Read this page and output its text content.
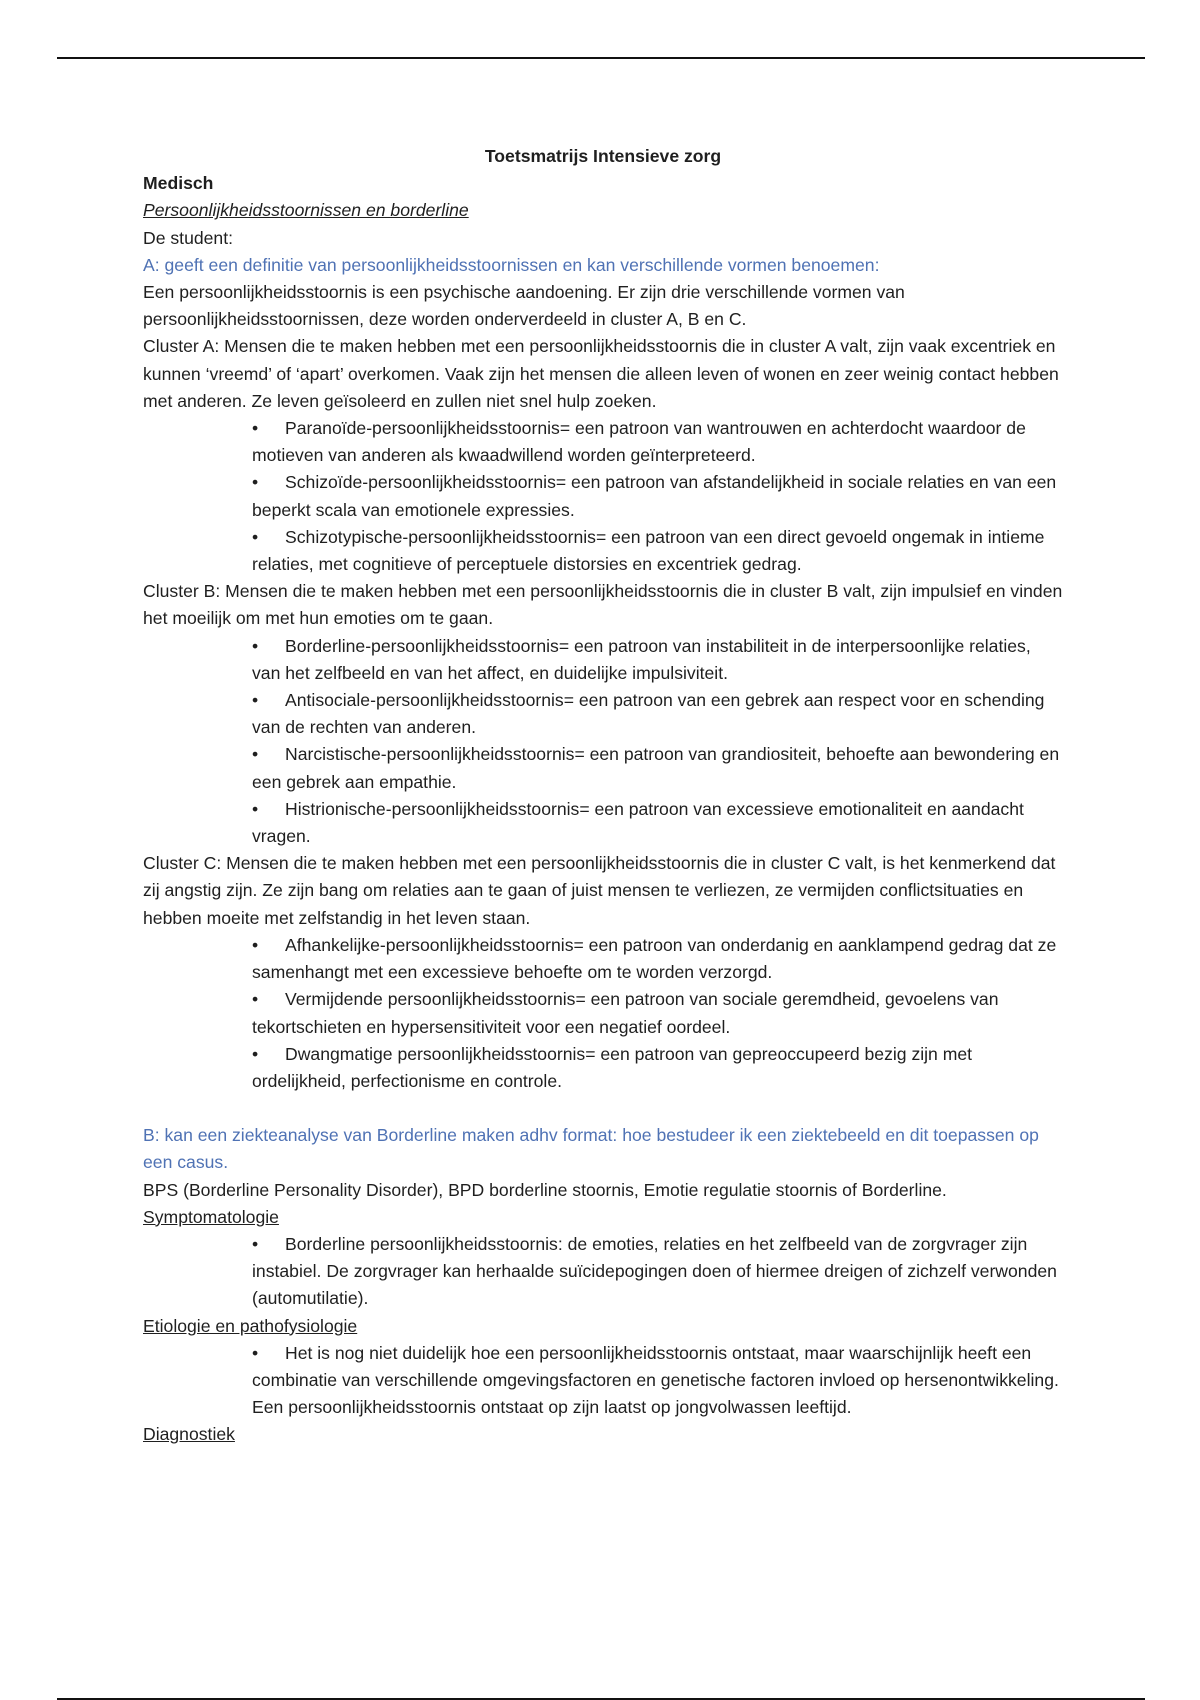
Toetsmatrijs Intensieve zorg

Medisch

Persoonlijkheidsstoornissen en borderline

De student:

A: geeft een definitie van persoonlijkheidsstoornissen en kan verschillende vormen benoemen:

Een persoonlijkheidsstoornis is een psychische aandoening. Er zijn drie verschillende vormen van persoonlijkheidsstoornissen, deze worden onderverdeeld in cluster A, B en C.

Cluster A: Mensen die te maken hebben met een persoonlijkheidsstoornis die in cluster A valt, zijn vaak excentriek en kunnen ‘vreemd’ of ‘apart’ overkomen. Vaak zijn het mensen die alleen leven of wonen en zeer weinig contact hebben met anderen. Ze leven geïsoleerd en zullen niet snel hulp zoeken.

•	Paranoïde-persoonlijkheidsstoornis= een patroon van wantrouwen en achterdocht waardoor de motieven van anderen als kwaadwillend worden geïnterpreteerd.
•	Schizoïde-persoonlijkheidsstoornis= een patroon van afstandelijkheid in sociale relaties en van een beperkt scala van emotionele expressies.
•	Schizotypische-persoonlijkheidsstoornis= een patroon van een direct gevoeld ongemak in intieme relaties, met cognitieve of perceptuele distorsies en excentriek gedrag.

Cluster B: Mensen die te maken hebben met een persoonlijkheidsstoornis die in cluster B valt, zijn impulsief en vinden het moeilijk om met hun emoties om te gaan.

•	Borderline-persoonlijkheidsstoornis= een patroon van instabiliteit in de interpersoonlijke relaties, van het zelfbeeld en van het affect, en duidelijke impulsiviteit.
•	Antisociale-persoonlijkheidsstoornis= een patroon van een gebrek aan respect voor en schending van de rechten van anderen.
•	Narcistische-persoonlijkheidsstoornis= een patroon van grandiositeit, behoefte aan bewondering en een gebrek aan empathie.
•	Histrionische-persoonlijkheidsstoornis= een patroon van excessieve emotionaliteit en aandacht vragen.

Cluster C: Mensen die te maken hebben met een persoonlijkheidsstoornis die in cluster C valt, is het kenmerkend dat zij angstig zijn. Ze zijn bang om relaties aan te gaan of juist mensen te verliezen, ze vermijden conflictsituaties en hebben moeite met zelfstandig in het leven staan.

•	Afhankelijke-persoonlijkheidsstoornis= een patroon van onderdanig en aanklampend gedrag dat ze samenhangt met een excessieve behoefte om te worden verzorgd.
•	Vermijdende persoonlijkheidsstoornis= een patroon van sociale geremdheid, gevoelens van tekortschieten en hypersensitiviteit voor een negatief oordeel.
•	Dwangmatige persoonlijkheidsstoornis= een patroon van gepreoccupeerd bezig zijn met ordelijkheid, perfectionisme en controle.

B: kan een ziekteanalyse van Borderline maken adhv format: hoe bestudeer ik een ziektebeeld en dit toepassen op een casus.

BPS (Borderline Personality Disorder), BPD borderline stoornis, Emotie regulatie stoornis of Borderline.

Symptomatologie

•	Borderline persoonlijkheidsstoornis: de emoties, relaties en het zelfbeeld van de zorgvrager zijn instabiel. De zorgvrager kan herhaalde suïcidepogingen doen of hiermee dreigen of zichzelf verwonden (automutilatie).

Etiologie en pathofysiologie

•	Het is nog niet duidelijk hoe een persoonlijkheidsstoornis ontstaat, maar waarschijnlijk heeft een combinatie van verschillende omgevingsfactoren en genetische factoren invloed op hersenontwikkeling. Een persoonlijkheidsstoornis ontstaat op zijn laatst op jongvolwassen leeftijd.

Diagnostiek
